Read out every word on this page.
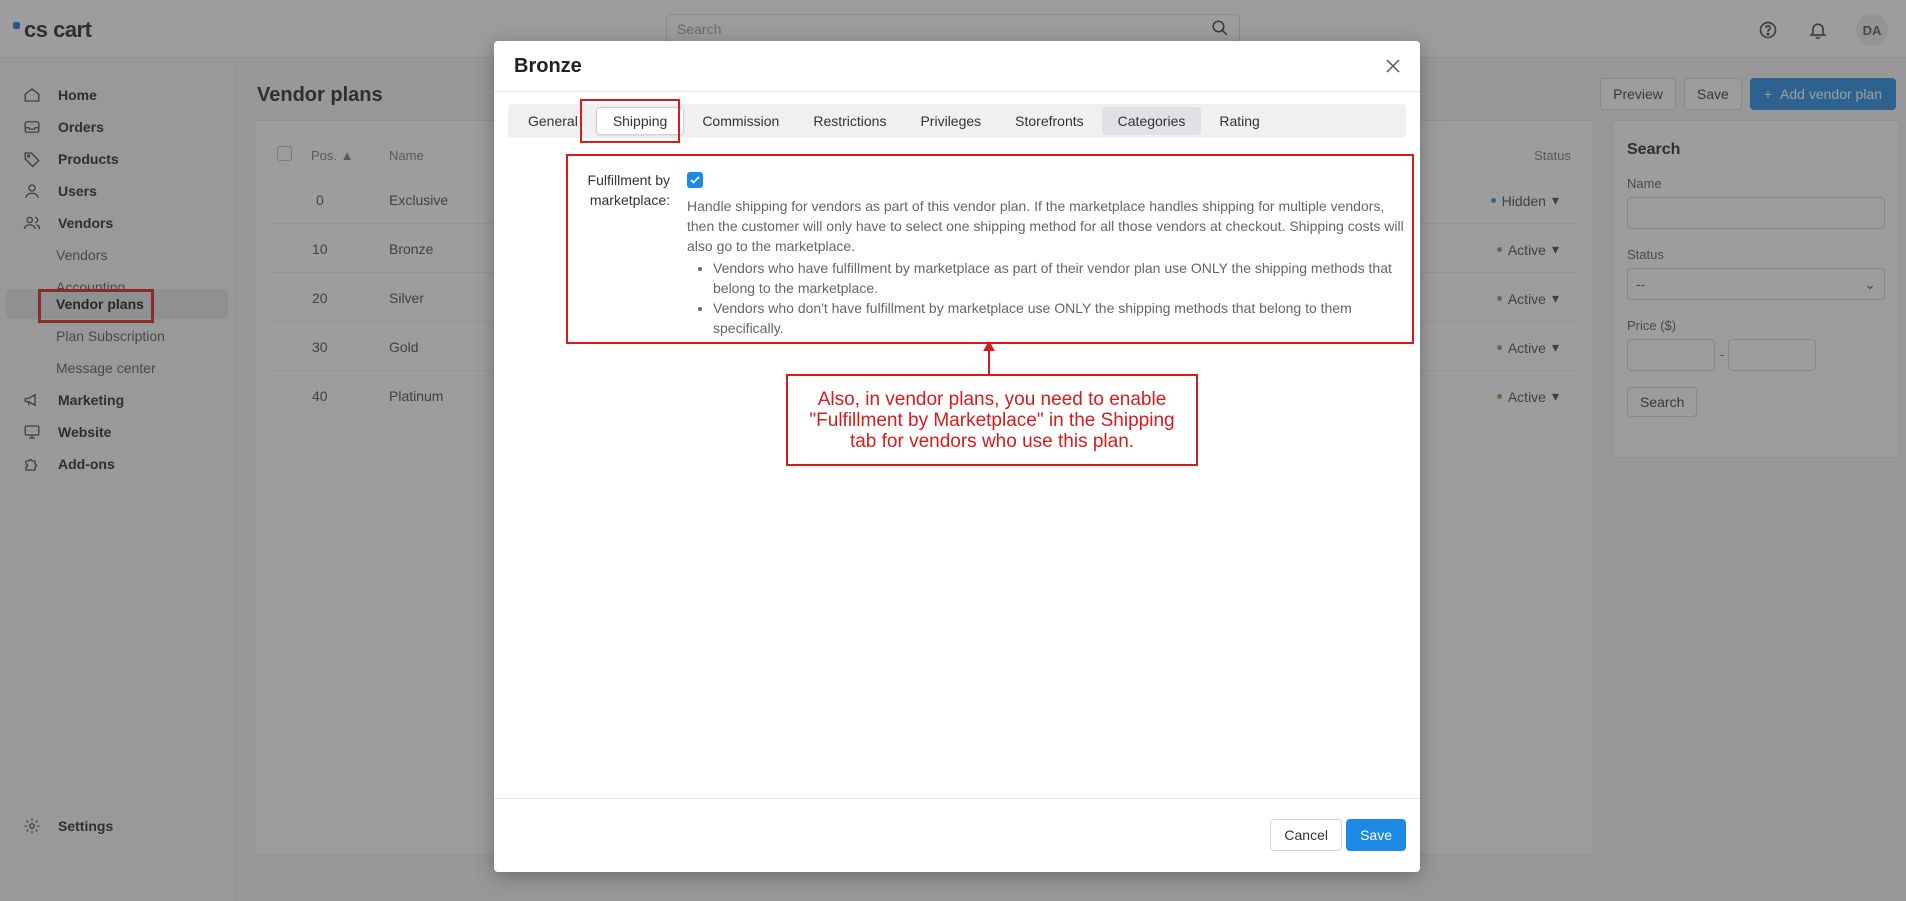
Bronze
General	Shipping	Commission	Restrictions	Privileges	Storefronts	Categories	Rating
Fulfillment by marketplace: Handle shipping for vendors as part of this vendor plan. If the marketplace handles shipping for multiple vendors, then the customer will only have to select one shipping method for all those vendors at checkout. Shipping costs will also go to the marketplace.

• Vendors who have fulfillment by marketplace as part of their vendor plan use ONLY the shipping methods that belong to the marketplace.
• Vendors who don't have fulfillment by marketplace use ONLY the shipping methods that belong to them specifically.
Also, in vendor plans, you need to enable "Fulfillment by Marketplace" in the Shipping tab for vendors who use this plan.
Cancel	Save
